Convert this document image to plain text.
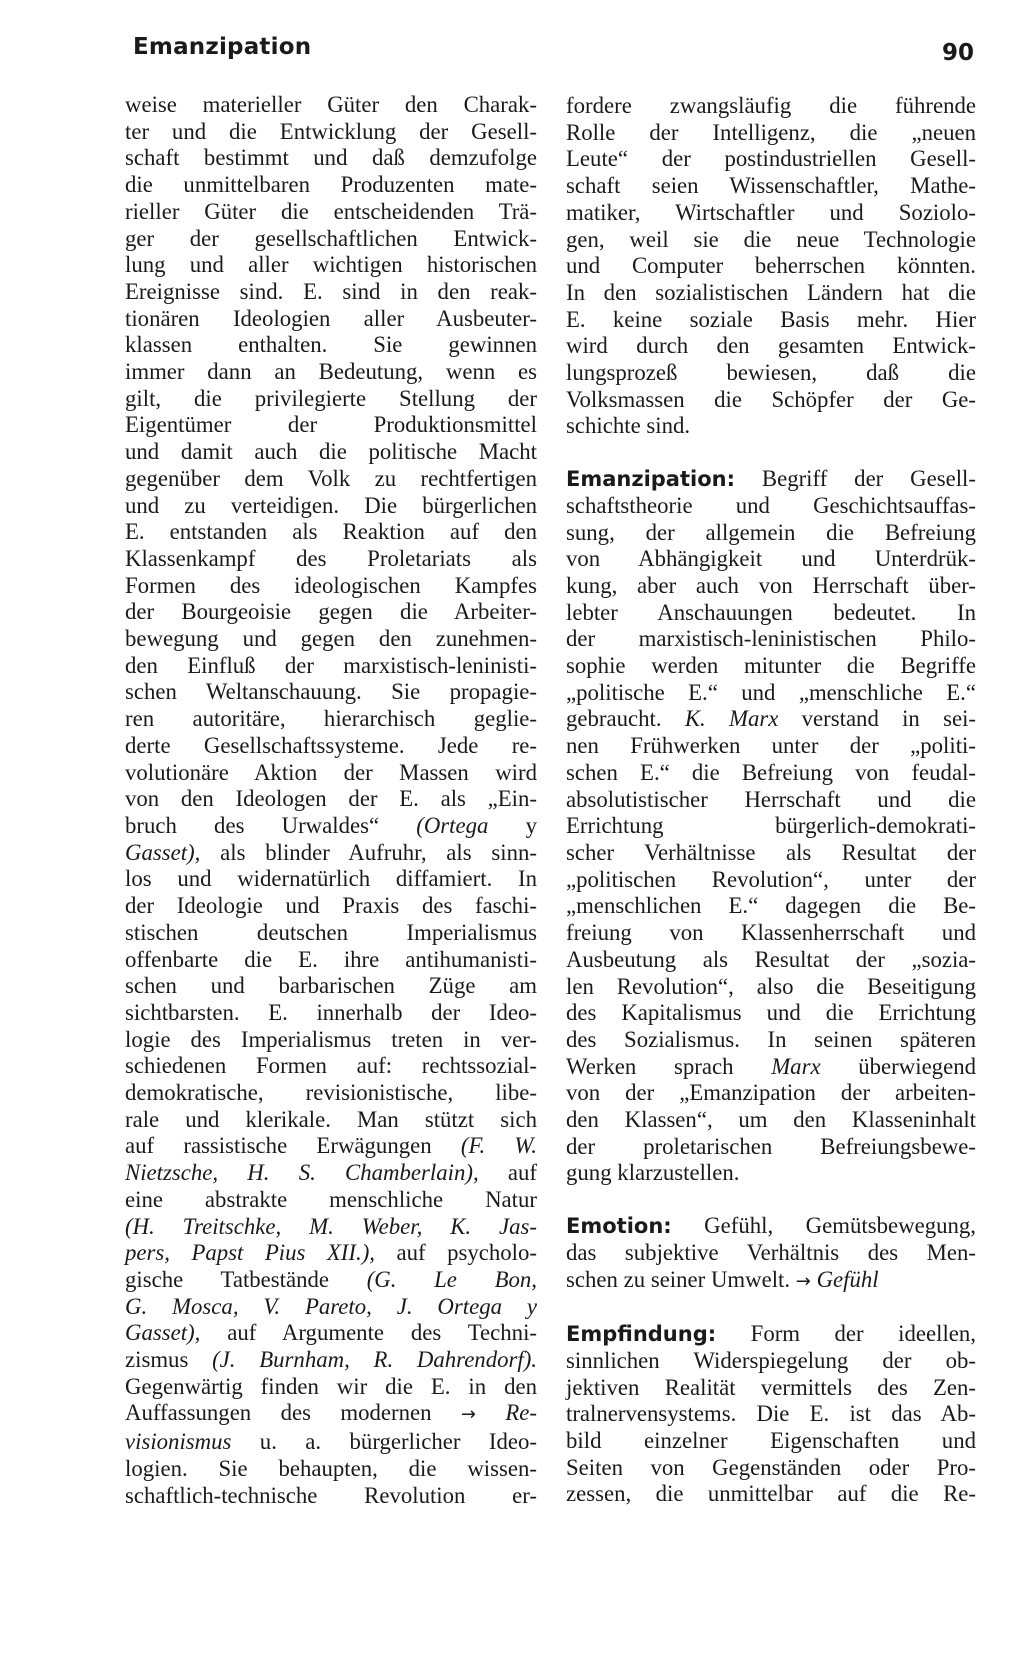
Emanzipation	90
weise materieller Güter den Charak-
ter und die Entwicklung der Gesell-
schaft bestimmt und daß demzufolge
die unmittelbaren Produzenten mate-
rieller Güter die entscheidenden Trä-
ger der gesellschaftlichen Entwick-
lung und aller wichtigen historischen
Ereignisse sind. E. sind in den reak-
tionären Ideologien aller Ausbeuter-
klassen enthalten. Sie gewinnen
immer dann an Bedeutung, wenn es
gilt, die privilegierte Stellung der
Eigentümer der Produktionsmittel
und damit auch die politische Macht
gegenüber dem Volk zu rechtfertigen
und zu verteidigen. Die bürgerlichen
E. entstanden als Reaktion auf den
Klassenkampf des Proletariats als
Formen des ideologischen Kampfes
der Bourgeoisie gegen die Arbeiter-
bewegung und gegen den zunehmen-
den Einfluß der marxistisch-leninisti-
schen Weltanschauung. Sie propagie-
ren autoritäre, hierarchisch geglie-
derte Gesellschaftssysteme. Jede re-
volutionäre Aktion der Massen wird
von den Ideologen der E. als „Ein-
bruch des Urwaldes“ (Ortega y
Gasset), als blinder Aufruhr, als sinn-
los und widernatürlich diffamiert. In
der Ideologie und Praxis des faschi-
stischen deutschen Imperialismus
offenbarte die E. ihre antihumanisti-
schen und barbarischen Züge am
sichtbarsten. E. innerhalb der Ideo-
logie des Imperialismus treten in ver-
schiedenen Formen auf: rechtssozial-
demokratische, revisionistische, libe-
rale und klerikale. Man stützt sich
auf rassistische Erwägungen (F. W.
Nietzsche, H. S. Chamberlain), auf
eine abstrakte menschliche Natur
(H. Treitschke, M. Weber, K. Jas-
pers, Papst Pius XII.), auf psycholo-
gische Tatbestände (G. Le Bon,
G. Mosca, V. Pareto, J. Ortega y
Gasset), auf Argumente des Techni-
zismus (J. Burnham, R. Dahrendorf).
Gegenwärtig finden wir die E. in den
Auffassungen des modernen → Re-
visionismus u. a. bürgerlicher Ideo-
logien. Sie behaupten, die wissen-
schaftlich-technische Revolution er-
fordere zwangsläufig die führende
Rolle der Intelligenz, die „neuen
Leute“ der postindustriellen Gesell-
schaft seien Wissenschaftler, Mathe-
matiker, Wirtschaftler und Soziolo-
gen, weil sie die neue Technologie
und Computer beherrschen könnten.
In den sozialistischen Ländern hat die
E. keine soziale Basis mehr. Hier
wird durch den gesamten Entwick-
lungsprozeß bewiesen, daß die
Volksmassen die Schöpfer der Ge-
schichte sind.
Emanzipation: Begriff der Gesell-
schaftstheorie und Geschichtsauffas-
sung, der allgemein die Befreiung
von Abhängigkeit und Unterdrük-
kung, aber auch von Herrschaft über-
lebter Anschauungen bedeutet. In
der marxistisch-leninistischen Philo-
sophie werden mitunter die Begriffe
„politische E.“ und „menschliche E.“
gebraucht. K. Marx verstand in sei-
nen Frühwerken unter der „politi-
schen E.“ die Befreiung von feudal-
absolutistischer Herrschaft und die
Errichtung bürgerlich-demokrati-
scher Verhältnisse als Resultat der
„politischen Revolution“, unter der
„menschlichen E.“ dagegen die Be-
freiung von Klassenherrschaft und
Ausbeutung als Resultat der „sozia-
len Revolution“, also die Beseitigung
des Kapitalismus und die Errichtung
des Sozialismus. In seinen späteren
Werken sprach Marx überwiegend
von der „Emanzipation der arbeiten-
den Klassen“, um den Klasseninhalt
der proletarischen Befreiungsbewe-
gung klarzustellen.
Emotion: Gefühl, Gemütsbewegung,
das subjektive Verhältnis des Men-
schen zu seiner Umwelt. → Gefühl
Empfindung: Form der ideellen,
sinnlichen Widerspiegelung der ob-
jektiven Realität vermittels des Zen-
tralnervensystems. Die E. ist das Ab-
bild einzelner Eigenschaften und
Seiten von Gegenständen oder Pro-
zessen, die unmittelbar auf die Re-
